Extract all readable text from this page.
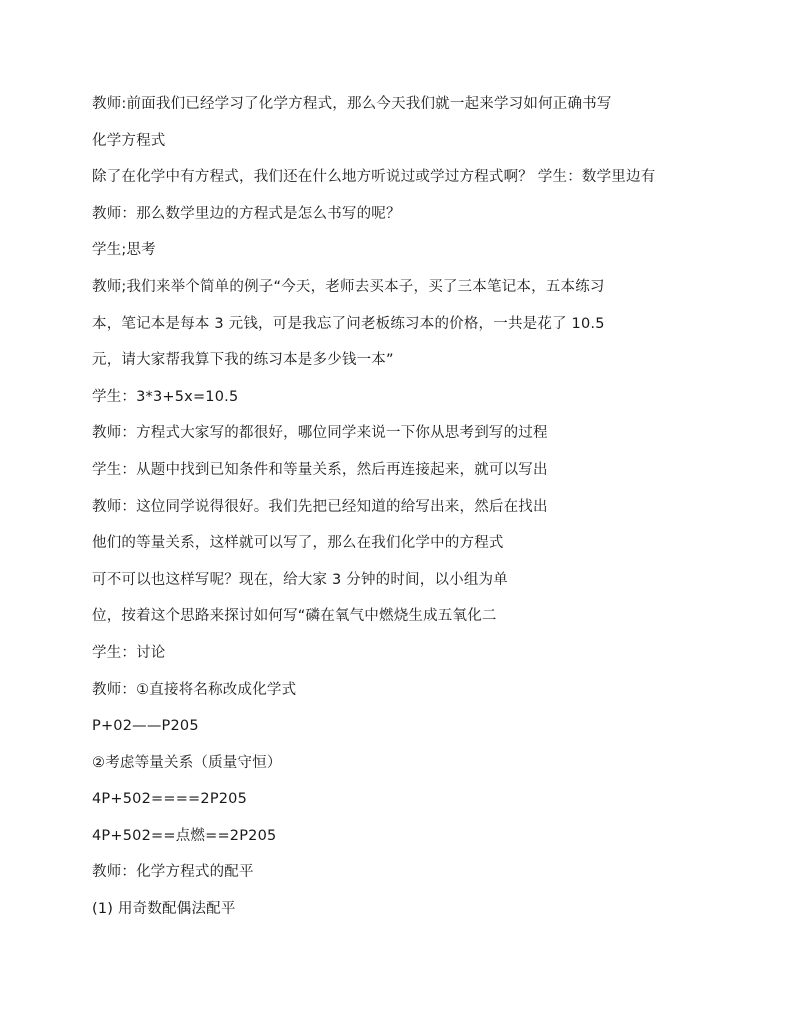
教师:前面我们已经学习了化学方程式，那么今天我们就一起来学习如何正确书写
化学方程式
除了在化学中有方程式，我们还在什么地方听说过或学过方程式啊？ 学生：数学里边有
教师：那么数学里边的方程式是怎么书写的呢？
学生;思考
教师;我们来举个简单的例子“今天，老师去买本子，买了三本笔记本，五本练习
本，笔记本是每本 3 元钱，可是我忘了问老板练习本的价格，一共是花了 10.5
元，请大家帮我算下我的练习本是多少钱一本”
学生：3*3+5x=10.5
教师：方程式大家写的都很好，哪位同学来说一下你从思考到写的过程
学生：从题中找到已知条件和等量关系，然后再连接起来，就可以写出
教师：这位同学说得很好。我们先把已经知道的给写出来，然后在找出
他们的等量关系，这样就可以写了，那么在我们化学中的方程式
可不可以也这样写呢？现在，给大家 3 分钟的时间，以小组为单
位，按着这个思路来探讨如何写“磷在氧气中燃烧生成五氧化二
学生：讨论
教师：①直接将名称改成化学式
P+02——P205
②考虑等量关系（质量守恒）
4P+502====2P205
4P+502==点燃==2P205
教师：化学方程式的配平
(1) 用奇数配偶法配平
